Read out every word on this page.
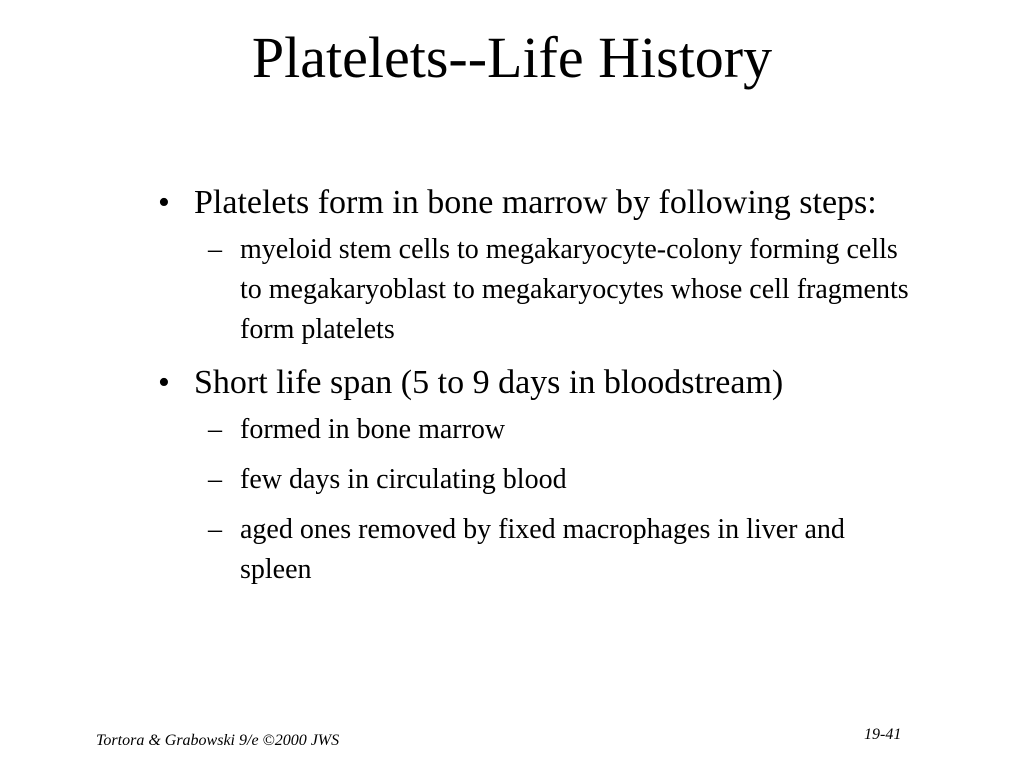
Platelets--Life History
• Platelets form in bone marrow by following steps:
– myeloid stem cells to megakaryocyte-colony forming cells to megakaryoblast to megakaryocytes whose cell fragments form platelets
• Short life span (5 to 9 days in bloodstream)
– formed in bone marrow
– few days in circulating blood
– aged ones removed by fixed macrophages in liver and spleen
Tortora & Grabowski 9/e ©2000 JWS	19-41
